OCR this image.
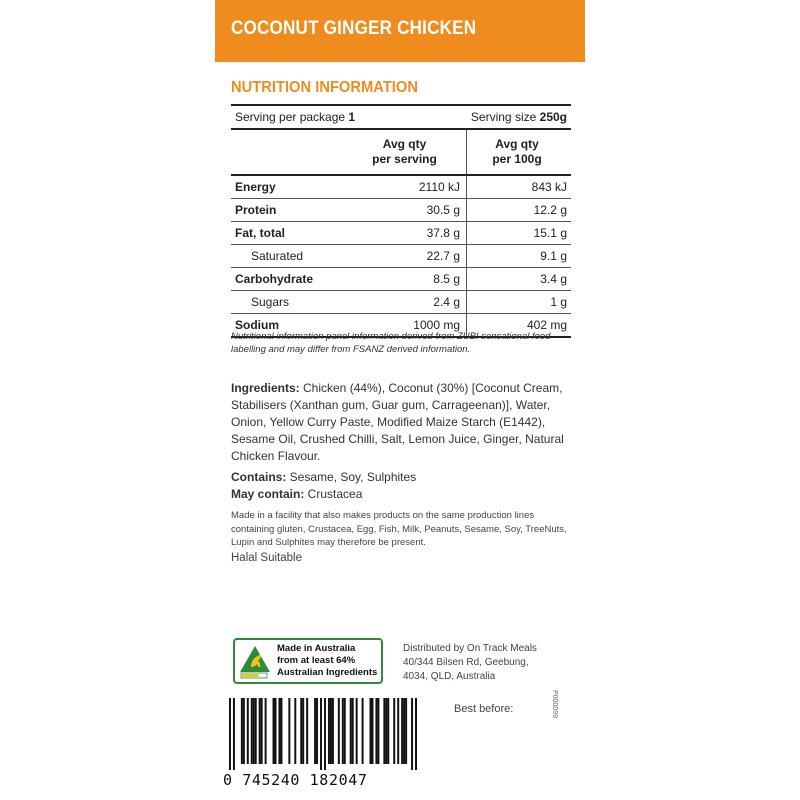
COCONUT GINGER CHICKEN
NUTRITION INFORMATION
Serving per package 1	Serving size 250g
Avg qty
per serving
Avg qty
per 100g
Energy	2110 kJ	843 kJ
Protein	30.5 g	12.2 g
Fat, total	37.8 g	15.1 g
Saturated	22.7 g	9.1 g
Carbohydrate	8.5 g	3.4 g
Sugars	2.4 g	1 g
Sodium	1000 mg	402 mg
Nutritional information panel information derived from ZUBI sensational food labelling and may differ from FSANZ derived information.
Ingredients: Chicken (44%), Coconut (30%) [Coconut Cream, Stabilisers (Xanthan gum, Guar gum, Carrageenan)], Water, Onion, Yellow Curry Paste, Modified Maize Starch (E1442), Sesame Oil, Crushed Chilli, Salt, Lemon Juice, Ginger, Natural Chicken Flavour.
Contains: Sesame, Soy, Sulphites
May contain: Crustacea
Made in a facility that also makes products on the same production lines containing gluten, Crustacea, Egg, Fish, Milk, Peanuts, Sesame, Soy, TreeNuts, Lupin and Sulphites may therefore be present.
Halal Suitable
Made in Australia
from at least 64%
Australian Ingredients
Distributed by On Track Meals
40/344 Bilsen Rd, Geebung,
4034, QLD, Australia
P000099
Best before:
0 745240 182047
